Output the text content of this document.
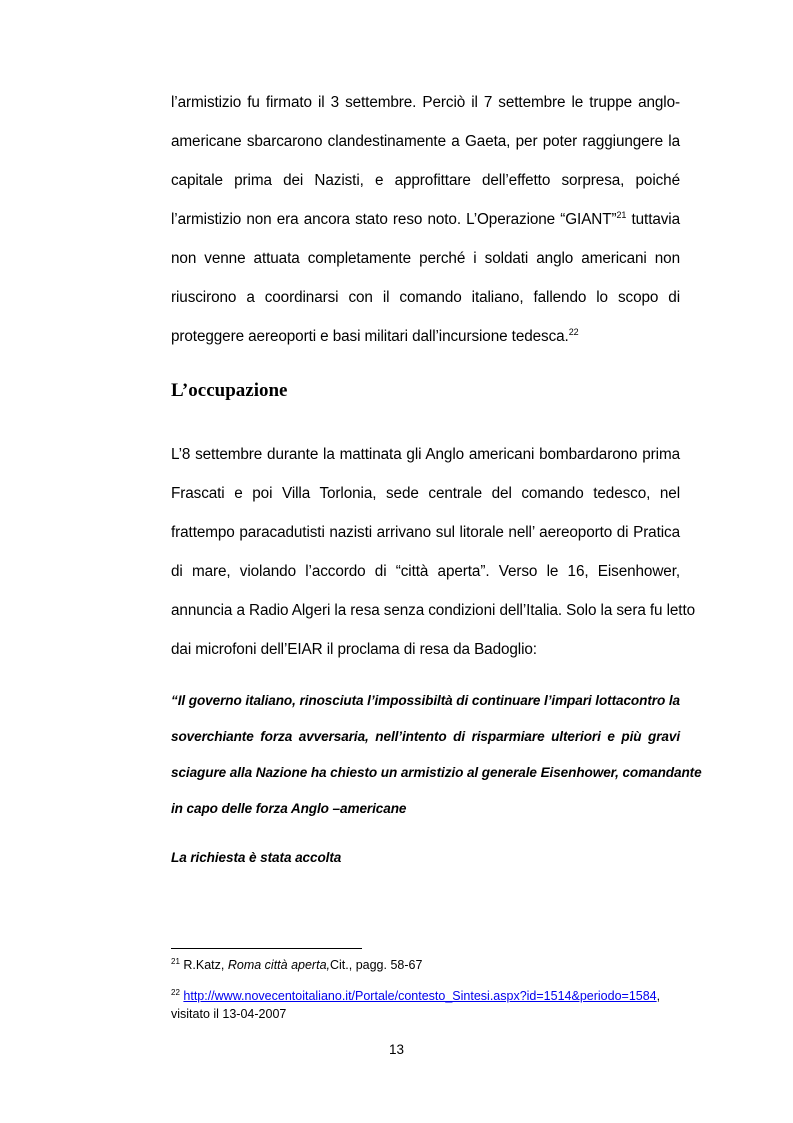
l’armistizio fu firmato il 3 settembre. Perciò il 7 settembre le truppe anglo-
americane sbarcarono clandestinamente a Gaeta, per poter raggiungere la
capitale prima dei Nazisti, e approfittare dell’effetto sorpresa, poiché
l’armistizio non era ancora stato reso noto. L’Operazione “GIANT”$^{21}$ tuttavia
non venne attuata completamente perché i soldati anglo americani non
riuscirono a coordinarsi con il comando italiano, fallendo lo scopo di
proteggere aereoporti e basi militari dall’incursione tedesca.$^{22}$
L’occupazione
L’8 settembre durante la mattinata gli Anglo americani bombardarono prima
Frascati e poi Villa Torlonia, sede centrale del comando tedesco, nel
frattempo paracadutisti nazisti arrivano sul litorale nell’ aereoporto di Pratica
di mare, violando l’accordo di “città aperta”. Verso le 16, Eisenhower,
annuncia a Radio Algeri la resa senza condizioni dell’Italia. Solo la sera fu letto
dai microfoni dell’EIAR il proclama di resa da Badoglio:
“Il governo italiano, rinosciuta l’impossibiltà di continuare l’impari lottacontro la
soverchiante forza avversaria, nell’intento di risparmiare ulteriori e più gravi
sciagure alla Nazione ha chiesto un armistizio al generale Eisenhower, comandante
in capo delle forza Anglo –americane
La richiesta è stata accolta
$^{21}$ R.Katz, Roma città aperta,Cit., pagg. 58-67
$^{22}$ http://www.novecentoitaliano.it/Portale/contesto_Sintesi.aspx?id=1514&periodo=1584,
visitato il 13-04-2007
13
